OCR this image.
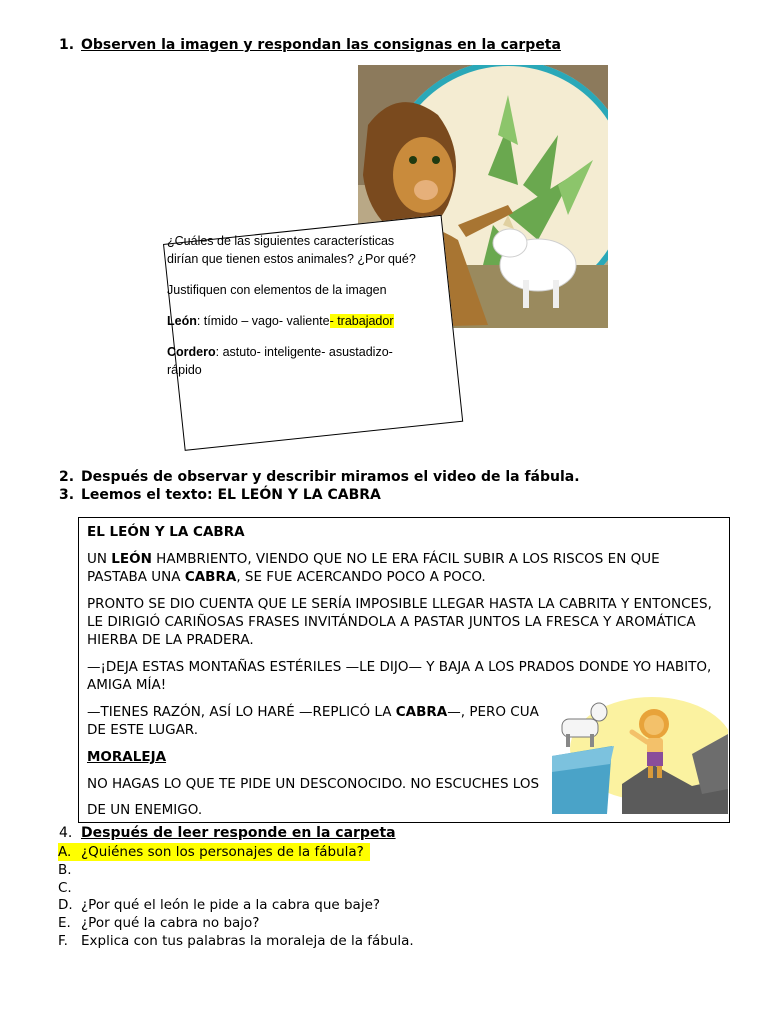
1. Observen la imagen y respondan las consignas en la carpeta

¿Cuáles de las siguientes características dirían que tienen estos animales? ¿Por qué?

Justifiquen con elementos de la imagen

León: tímido – vago- valiente- trabajador

Cordero: astuto- inteligente- asustadizo- rápido

2. Después de observar y describir miramos el video de la fábula.
3. Leemos el texto: EL LEÓN Y LA CABRA

EL LEÓN Y LA CABRA

UN LEÓN HAMBRIENTO, VIENDO QUE NO LE ERA FÁCIL SUBIR A LOS RISCOS EN QUE PASTABA UNA CABRA, SE FUE ACERCANDO POCO A POCO.

PRONTO SE DIO CUENTA QUE LE SERÍA IMPOSIBLE LLEGAR HASTA LA CABRITA Y ENTONCES, LE DIRIGIÓ CARIÑOSAS FRASES INVITÁNDOLA A PASTAR JUNTOS LA FRESCA Y AROMÁTICA HIERBA DE LA PRADERA.

—¡DEJA ESTAS MONTAÑAS ESTÉRILES —LE DIJO— Y BAJA A LOS PRADOS DONDE YO HABITO, AMIGA MÍA!

—TIENES RAZÓN, ASÍ LO HARÉ —REPLICÓ LA CABRA—, PERO CUA
DE ESTE LUGAR.

MORALEJA

NO HAGAS LO QUE TE PIDE UN DESCONOCIDO. NO ESCUCHES LOS

DE UN ENEMIGO.

4. Después de leer responde en la carpeta
A. ¿Quiénes son los personajes de la fábula?
B.
C.
D. ¿Por qué el león le pide a la cabra que baje?
E. ¿Por qué la cabra no bajo?
F. Explica con tus palabras la moraleja de la fábula.
